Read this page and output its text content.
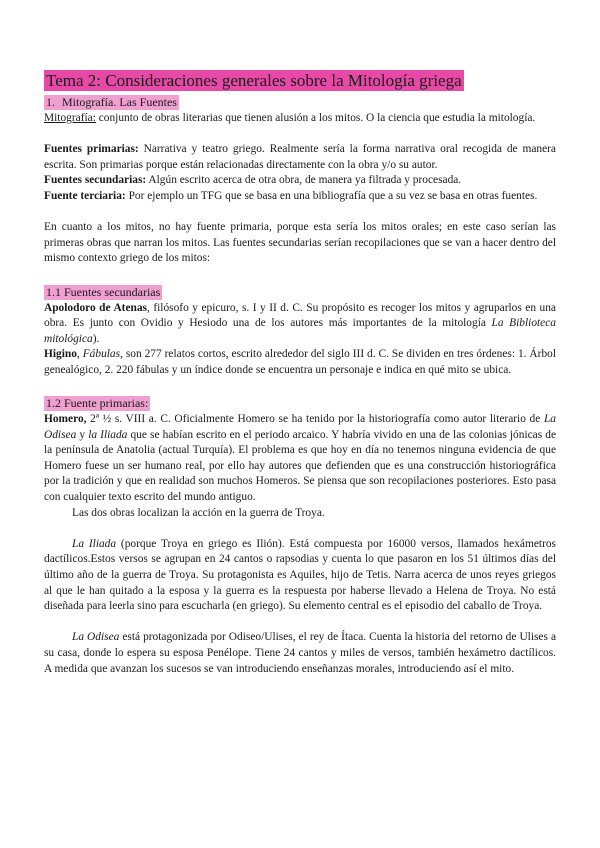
Tema 2: Consideraciones generales sobre la Mitología griega
1. Mitografía. Las Fuentes

Mitografía: conjunto de obras literarias que tienen alusión a los mitos. O la ciencia que estudia la mitología.

Fuentes primarias: Narrativa y teatro griego. Realmente sería la forma narrativa oral recogida de manera escrita. Son primarias porque están relacionadas directamente con la obra y/o su autor.

Fuentes secundarias: Algún escrito acerca de otra obra, de manera ya filtrada y procesada.

Fuente terciaria: Por ejemplo un TFG que se basa en una bibliografía que a su vez se basa en otras fuentes.

En cuanto a los mitos, no hay fuente primaria, porque esta sería los mitos orales; en este caso serían las primeras obras que narran los mitos. Las fuentes secundarias serían recopilaciones que se van a hacer dentro del mismo contexto griego de los mitos:

1.1 Fuentes secundarias

Apolodoro de Atenas, filósofo y epicuro, s. I y II d. C. Su propósito es recoger los mitos y agruparlos en una obra. Es junto con Ovidio y Hesiodo una de los autores más importantes de la mitología La Biblioteca mitológica).

Higino, Fábulas, son 277 relatos cortos, escrito alrededor del siglo III d. C. Se dividen en tres órdenes: 1. Árbol genealógico, 2. 220 fábulas y un índice donde se encuentra un personaje e indica en qué mito se ubica.

1.2 Fuente primarias:

Homero, 2ª ½ s. VIII a. C. Oficialmente Homero se ha tenido por la historiografía como autor literario de La Odisea y la Iliada que se habían escrito en el periodo arcaico. Y habría vivido en una de las colonias jónicas de la península de Anatolia (actual Turquía). El problema es que hoy en día no tenemos ninguna evidencia de que Homero fuese un ser humano real, por ello hay autores que defienden que es una construcción historiográfica por la tradición y que en realidad son muchos Homeros. Se piensa que son recopilaciones posteriores. Esto pasa con cualquier texto escrito del mundo antiguo.

Las dos obras localizan la acción en la guerra de Troya.

La Iliada (porque Troya en griego es Ilión). Está compuesta por 16000 versos, llamados hexámetros dactílicos.Estos versos se agrupan en 24 cantos o rapsodias y cuenta lo que pasaron en los 51 últimos días del último año de la guerra de Troya. Su protagonista es Aquiles, hijo de Tetis. Narra acerca de unos reyes griegos al que le han quitado a la esposa y la guerra es la respuesta por haberse llevado a Helena de Troya. No está diseñada para leerla sino para escucharla (en griego). Su elemento central es el episodio del caballo de Troya.

La Odisea está protagonizada por Odiseo/Ulises, el rey de Ítaca. Cuenta la historia del retorno de Ulises a su casa, donde lo espera su esposa Penélope. Tiene 24 cantos y miles de versos, también hexámetro dactílicos. A medida que avanzan los sucesos se van introduciendo enseñanzas morales, introduciendo así el mito.
